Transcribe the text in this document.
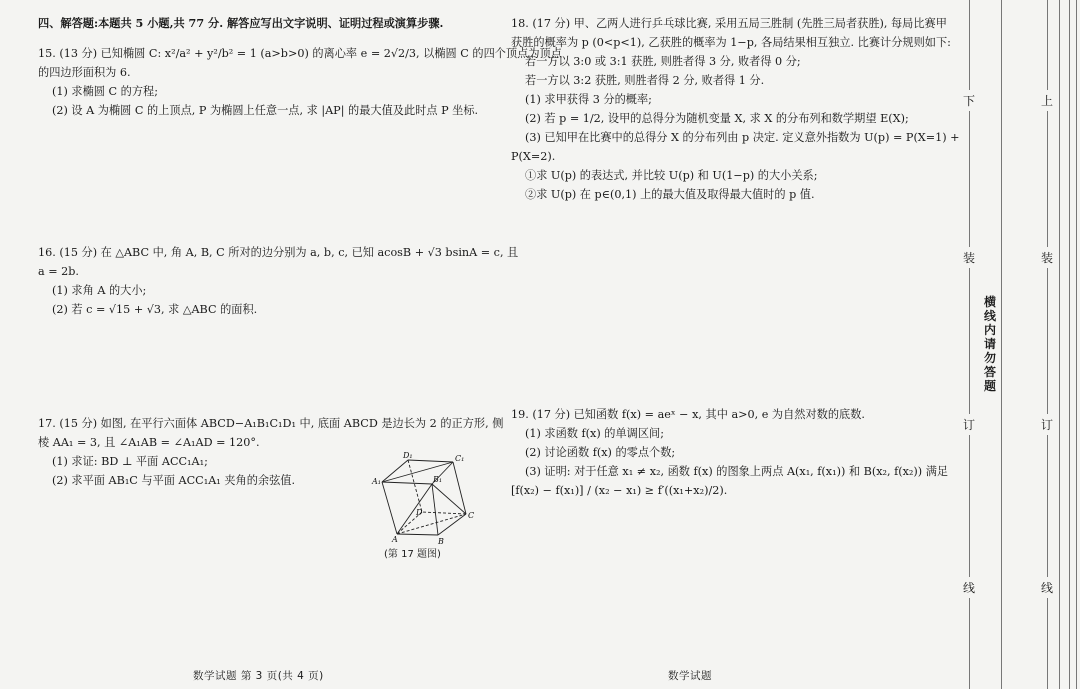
四、解答题:本题共 5 小题,共 77 分. 解答应写出文字说明、证明过程或演算步骤.
15. (13 分) 已知椭圆 C: x²/a² + y²/b² = 1 (a>b>0) 的离心率 e = 2√2/3, 以椭圆 C 的四个顶点为顶点
的四边形面积为 6.
(1) 求椭圆 C 的方程;
(2) 设 A 为椭圆 C 的上顶点, P 为椭圆上任意一点, 求 |AP| 的最大值及此时点 P 坐标.
16. (15 分) 在 △ABC 中, 角 A, B, C 所对的边分别为 a, b, c, 已知 acosB + √3 bsinA = c, 且
a = 2b.
(1) 求角 A 的大小;
(2) 若 c = √15 + √3, 求 △ABC 的面积.
17. (15 分) 如图, 在平行六面体 ABCD−A₁B₁C₁D₁ 中, 底面 ABCD 是边长为 2 的正方形, 侧
棱 AA₁ = 3, 且 ∠A₁AB = ∠A₁AD = 120°.
(1) 求证: BD ⊥ 平面 ACC₁A₁;
(2) 求平面 AB₁C 与平面 ACC₁A₁ 夹角的余弦值.
D₁	C₁
A₁	B₁
D	C
A	B
(第 17 题图)
数学试题 第 3 页(共 4 页)
18. (17 分) 甲、乙两人进行乒乓球比赛, 采用五局三胜制 (先胜三局者获胜), 每局比赛甲
获胜的概率为 p (0<p<1), 乙获胜的概率为 1−p, 各局结果相互独立. 比赛计分规则如下:
若一方以 3:0 或 3:1 获胜, 则胜者得 3 分, 败者得 0 分;
若一方以 3:2 获胜, 则胜者得 2 分, 败者得 1 分.
(1) 求甲获得 3 分的概率;
(2) 若 p = 1/2, 设甲的总得分为随机变量 X, 求 X 的分布列和数学期望 E(X);
(3) 已知甲在比赛中的总得分 X 的分布列由 p 决定. 定义意外指数为 U(p) = P(X=1) +
P(X=2).
①求 U(p) 的表达式, 并比较 U(p) 和 U(1−p) 的大小关系;
②求 U(p) 在 p∈(0,1) 上的最大值及取得最大值时的 p 值.
19. (17 分) 已知函数 f(x) = aeˣ − x, 其中 a>0, e 为自然对数的底数.
(1) 求函数 f(x) 的单调区间;
(2) 讨论函数 f(x) 的零点个数;
(3) 证明: 对于任意 x₁ ≠ x₂, 函数 f(x) 的图象上两点 A(x₁, f(x₁)) 和 B(x₂, f(x₂)) 满足
[f(x₂) − f(x₁)] / (x₂ − x₁) ≥ f′((x₁+x₂)/2).
数学试题
下	上
装	装
订	订
线	线
横线内请勿答题
